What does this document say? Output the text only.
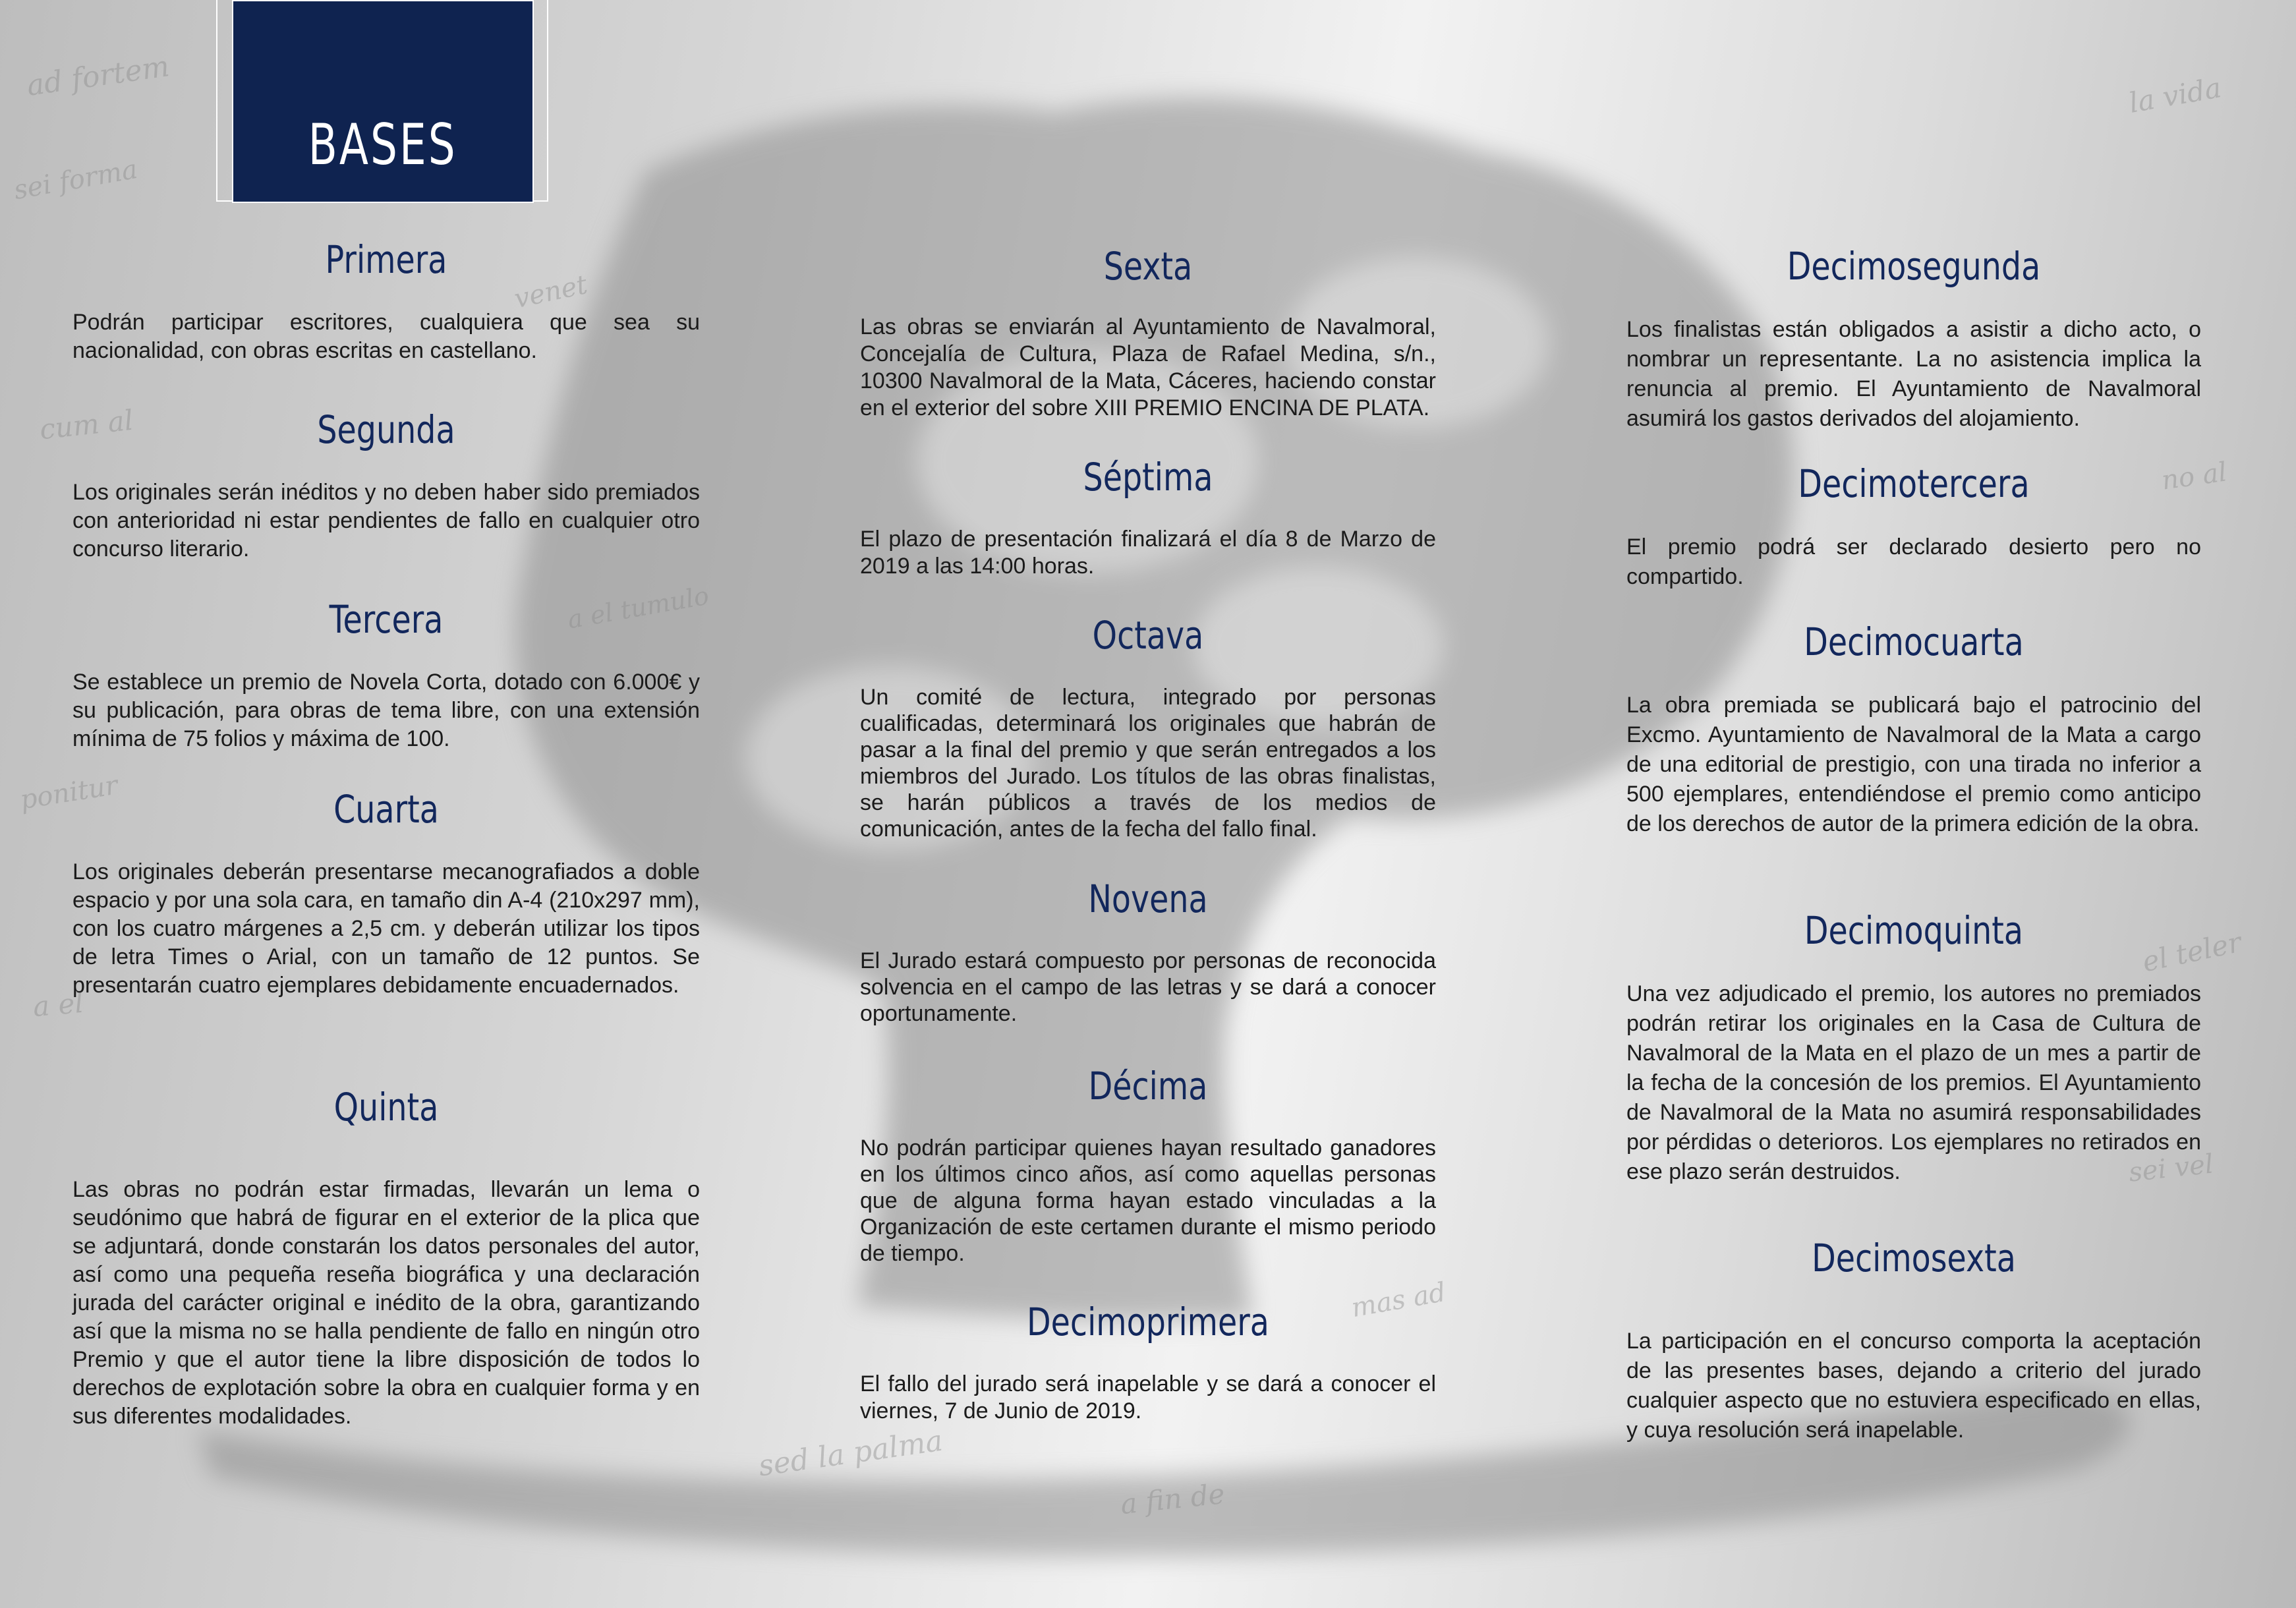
ad fortem
sei forma
cum al
ponitur
a el
venet
a el tumulo
sed la palma
a fin de
mas ad
la vida
no al
el teler
sei vel
BASES
Primera

Podrán participar escritores, cualquiera que sea su nacionalidad, con obras escritas en castellano.

Segunda

Los originales serán inéditos y no deben haber sido premiados con anterioridad ni estar pendientes de fallo en cualquier otro concurso literario.

Tercera

Se establece un premio de Novela Corta, dotado con 6.000€ y su publicación, para obras de tema libre, con una extensión mínima de 75 folios y máxima de 100.

Cuarta

Los originales deberán presentarse mecanografiados a doble espacio y por una sola cara, en tamaño din A-4 (210x297 mm), con los cuatro márgenes a 2,5 cm. y deberán utilizar los tipos de letra Times o Arial, con un tamaño de 12 puntos. Se presentarán cuatro ejemplares debidamente encuadernados.

Quinta

Las obras no podrán estar firmadas, llevarán un lema o seudónimo que habrá de figurar en el exterior de la plica que se adjuntará, donde constarán los datos personales del autor, así como una pequeña reseña biográfica y una declaración jurada del carácter original e inédito de la obra, garantizando así que la misma no se halla pendiente de fallo en ningún otro Premio y que el autor tiene la libre disposición de todos lo derechos de explotación sobre la obra en cualquier forma y en sus diferentes modalidades.

Sexta

Las obras se enviarán al Ayuntamiento de Navalmoral, Concejalía de Cultura, Plaza de Rafael Medina, s/n., 10300 Navalmoral de la Mata, Cáceres, haciendo constar en el exterior del sobre XIII PREMIO ENCINA DE PLATA.

Séptima

El plazo de presentación finalizará el día 8 de Marzo de 2019 a las 14:00 horas.

Octava

Un comité de lectura, integrado por personas cualificadas, determinará los originales que habrán de pasar a la final del premio y que serán entregados a los miembros del Jurado. Los títulos de las obras finalistas, se harán públicos a través de los medios de comunicación, antes de la fecha del fallo final.

Novena

El Jurado estará compuesto por personas de reconocida solvencia en el campo de las letras y se dará a conocer oportunamente.

Décima

No podrán participar quienes hayan resultado ganadores en los últimos cinco años, así como aquellas personas que de alguna forma hayan estado vinculadas a la Organización de este certamen durante el mismo periodo de tiempo.

Decimoprimera

El fallo del jurado será inapelable y se dará a conocer el viernes, 7 de Junio de 2019.

Decimosegunda

Los finalistas están obligados a asistir a dicho acto, o nombrar un representante. La no asistencia implica la renuncia al premio. El Ayuntamiento de Navalmoral asumirá los gastos derivados del alojamiento.

Decimotercera

El premio podrá ser declarado desierto pero no compartido.

Decimocuarta

La obra premiada se publicará bajo el patrocinio del Excmo. Ayuntamiento de Navalmoral de la Mata a cargo de una editorial de prestigio, con una tirada no inferior a 500 ejemplares, entendiéndose el premio como anticipo de los derechos de autor de la primera edición de la obra.

Decimoquinta

Una vez adjudicado el premio, los autores no premiados podrán retirar los originales en la Casa de Cultura de Navalmoral de la Mata en el plazo de un mes a partir de la fecha de la concesión de los premios. El Ayuntamiento de Navalmoral de la Mata no asumirá responsabilidades por pérdidas o deterioros. Los ejemplares no retirados en ese plazo serán destruidos.

Decimosexta

La participación en el concurso comporta la aceptación de las presentes bases, dejando a criterio del jurado cualquier aspecto que no estuviera especificado en ellas, y cuya resolución será inapelable.
